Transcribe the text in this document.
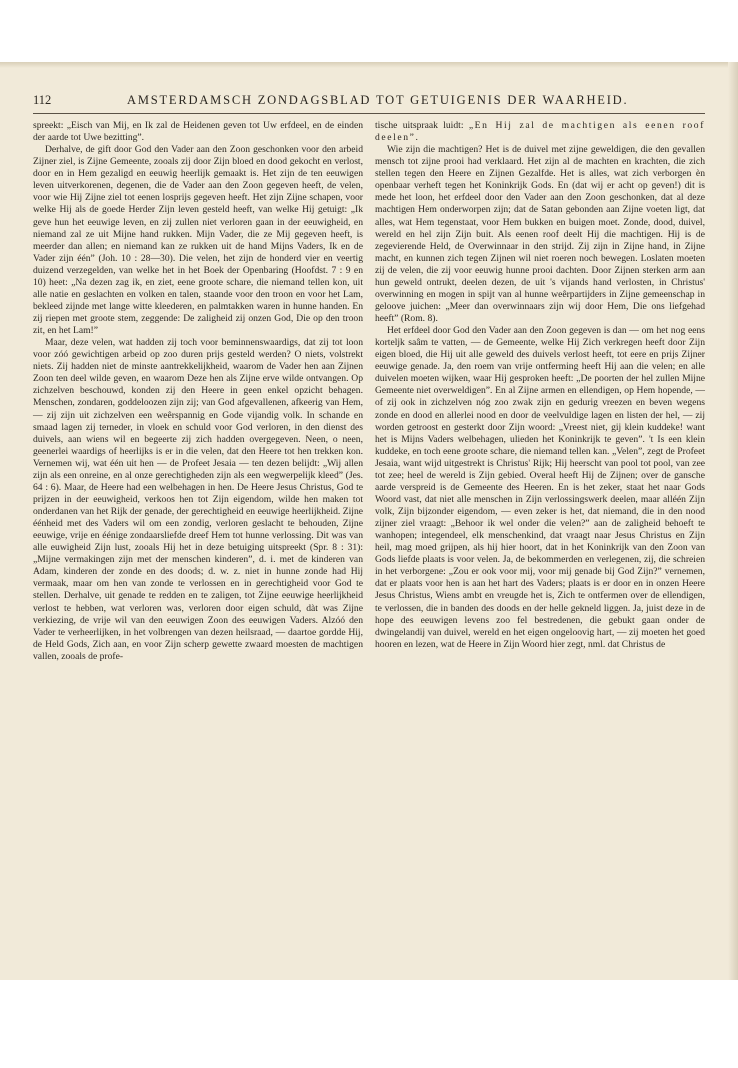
112	AMSTERDAMSCH ZONDAGSBLAD TOT GETUIGENIS DER WAARHEID.

spreekt: „Eisch van Mij, en Ik zal de Heidenen geven tot Uw erfdeel, en de einden der aarde tot Uwe bezitting”.

Derhalve, de gift door God den Vader aan den Zoon geschonken voor den arbeid Zijner ziel, is Zijne Gemeente, zooals zij door Zijn bloed en dood gekocht en verlost, door en in Hem gezaligd en eeuwig heerlijk gemaakt is. Het zijn de ten eeuwigen leven uitverkorenen, degenen, die de Vader aan den Zoon gegeven heeft, de velen, voor wie Hij Zijne ziel tot eenen losprijs gegeven heeft. Het zijn Zijne schapen, voor welke Hij als de goede Herder Zijn leven gesteld heeft, van welke Hij getuigt: „Ik geve hun het eeuwige leven, en zij zullen niet verloren gaan in der eeuwigheid, en niemand zal ze uit Mijne hand rukken. Mijn Vader, die ze Mij gegeven heeft, is meerder dan allen; en niemand kan ze rukken uit de hand Mijns Vaders, Ik en de Vader zijn één” (Joh. 10 : 28—30). Die velen, het zijn de honderd vier en veertig duizend verzegelden, van welke het in het Boek der Openbaring (Hoofdst. 7 : 9 en 10) heet: „Na dezen zag ik, en ziet, eene groote schare, die niemand tellen kon, uit alle natie en geslachten en volken en talen, staande voor den troon en voor het Lam, bekleed zijnde met lange witte kleederen, en palmtakken waren in hunne handen. En zij riepen met groote stem, zeggende: De zaligheid zij onzen God, Die op den troon zit, en het Lam!”

Maar, deze velen, wat hadden zij toch voor beminnenswaardigs, dat zij tot loon voor zóó gewichtigen arbeid op zoo duren prijs gesteld werden? O niets, volstrekt niets. Zij hadden niet de minste aantrekkelijkheid, waarom de Vader hen aan Zijnen Zoon ten deel wilde geven, en waarom Deze hen als Zijne erve wilde ontvangen. Op zichzelven beschouwd, konden zij den Heere in geen enkel opzicht behagen. Menschen, zondaren, goddeloozen zijn zij; van God afgevallenen, afkeerig van Hem, — zij zijn uit zichzelven een weêrspannig en Gode vijandig volk. In schande en smaad lagen zij terneder, in vloek en schuld voor God verloren, in den dienst des duivels, aan wiens wil en begeerte zij zich hadden overgegeven. Neen, o neen, geenerlei waardigs of heerlijks is er in die velen, dat den Heere tot hen trekken kon. Vernemen wij, wat één uit hen — de Profeet Jesaia — ten dezen belijdt: „Wij allen zijn als een onreine, en al onze gerechtigheden zijn als een wegwerpelijk kleed” (Jes. 64 : 6). Maar, de Heere had een welbehagen in hen. De Heere Jesus Christus, God te prijzen in der eeuwigheid, verkoos hen tot Zijn eigendom, wilde hen maken tot onderdanen van het Rijk der genade, der gerechtigheid en eeuwige heerlijkheid. Zijne éénheid met des Vaders wil om een zondig, verloren geslacht te behouden, Zijne eeuwige, vrije en éénige zondaarsliefde dreef Hem tot hunne verlossing. Dit was van alle euwigheid Zijn lust, zooals Hij het in deze betuiging uitspreekt (Spr. 8 : 31): „Mijne vermakingen zijn met der menschen kinderen”, d. i. met de kinderen van Adam, kinderen der zonde en des doods; d. w. z. niet in hunne zonde had Hij vermaak, maar om hen van zonde te verlossen en in gerechtigheid voor God te stellen. Derhalve, uit genade te redden en te zaligen, tot Zijne eeuwige heerlijkheid verlost te hebben, wat verloren was, verloren door eigen schuld, dàt was Zijne verkiezing, de vrije wil van den eeuwigen Zoon des eeuwigen Vaders. Alzóó den Vader te verheerlijken, in het volbrengen van dezen heilsraad, — daartoe gordde Hij, de Held Gods, Zich aan, en voor Zijn scherp gewette zwaard moesten de machtigen vallen, zooals de profe-

tische uitspraak luidt: „En Hij zal de machtigen als eenen roof deelen”.

Wie zijn die machtigen? Het is de duivel met zijne geweldigen, die den gevallen mensch tot zijne prooi had verklaard. Het zijn al de machten en krachten, die zich stellen tegen den Heere en Zijnen Gezalfde. Het is alles, wat zich verborgen èn openbaar verheft tegen het Koninkrijk Gods. En (dat wij er acht op geven!) dit is mede het loon, het erfdeel door den Vader aan den Zoon geschonken, dat al deze machtigen Hem onderworpen zijn; dat de Satan gebonden aan Zijne voeten ligt, dat alles, wat Hem tegenstaat, voor Hem bukken en buigen moet. Zonde, dood, duivel, wereld en hel zijn Zijn buit. Als eenen roof deelt Hij die machtigen. Hij is de zegevierende Held, de Overwinnaar in den strijd. Zij zijn in Zijne hand, in Zijne macht, en kunnen zich tegen Zijnen wil niet roeren noch bewegen. Loslaten moeten zij de velen, die zij voor eeuwig hunne prooi dachten. Door Zijnen sterken arm aan hun geweld ontrukt, deelen dezen, de uit 's vijands hand verlosten, in Christus' overwinning en mogen in spijt van al hunne weêrpartijders in Zijne gemeenschap in geloove juichen: „Meer dan overwinnaars zijn wij door Hem, Die ons liefgehad heeft” (Rom. 8).

Het erfdeel door God den Vader aan den Zoon gegeven is dan — om het nog eens korteljk saâm te vatten, — de Gemeente, welke Hij Zich verkregen heeft door Zijn eigen bloed, die Hij uit alle geweld des duivels verlost heeft, tot eere en prijs Zijner eeuwige genade. Ja, den roem van vrije ontferming heeft Hij aan die velen; en alle duivelen moeten wijken, waar Hij gesproken heeft: „De poorten der hel zullen Mijne Gemeente niet overweldigen”. En al Zijne armen en ellendigen, op Hem hopende, — of zij ook in zichzelven nóg zoo zwak zijn en gedurig vreezen en beven wegens zonde en dood en allerlei nood en door de veelvuldige lagen en listen der hel, — zij worden getroost en gesterkt door Zijn woord: „Vreest niet, gij klein kuddeke! want het is Mijns Vaders welbehagen, ulieden het Koninkrijk te geven”. 't Is een klein kuddeke, en toch eene groote schare, die niemand tellen kan. „Velen”, zegt de Profeet Jesaia, want wijd uitgestrekt is Christus' Rijk; Hij heerscht van pool tot pool, van zee tot zee; heel de wereld is Zijn gebied. Overal heeft Hij de Zijnen; over de gansche aarde verspreid is de Gemeente des Heeren. En is het zeker, staat het naar Gods Woord vast, dat niet alle menschen in Zijn verlossingswerk deelen, maar alléén Zijn volk, Zijn bijzonder eigendom, — even zeker is het, dat niemand, die in den nood zijner ziel vraagt: „Behoor ik wel onder die velen?” aan de zaligheid behoeft te wanhopen; integendeel, elk menschenkind, dat vraagt naar Jesus Christus en Zijn heil, mag moed grijpen, als hij hier hoort, dat in het Koninkrijk van den Zoon van Gods liefde plaats is voor velen. Ja, de bekommerden en verlegenen, zij, die schreien in het verborgene: „Zou er ook voor mij, voor mij genade bij God Zijn?” vernemen, dat er plaats voor hen is aan het hart des Vaders; plaats is er door en in onzen Heere Jesus Christus, Wiens ambt en vreugde het is, Zich te ontfermen over de ellendigen, te verlossen, die in banden des doods en der helle gekneld liggen. Ja, juist deze in de hope des eeuwigen levens zoo fel bestredenen, die gebukt gaan onder de dwingelandij van duivel, wereld en het eigen ongeloovig hart, — zij moeten het goed hooren en lezen, wat de Heere in Zijn Woord hier zegt, nml. dat Christus de
